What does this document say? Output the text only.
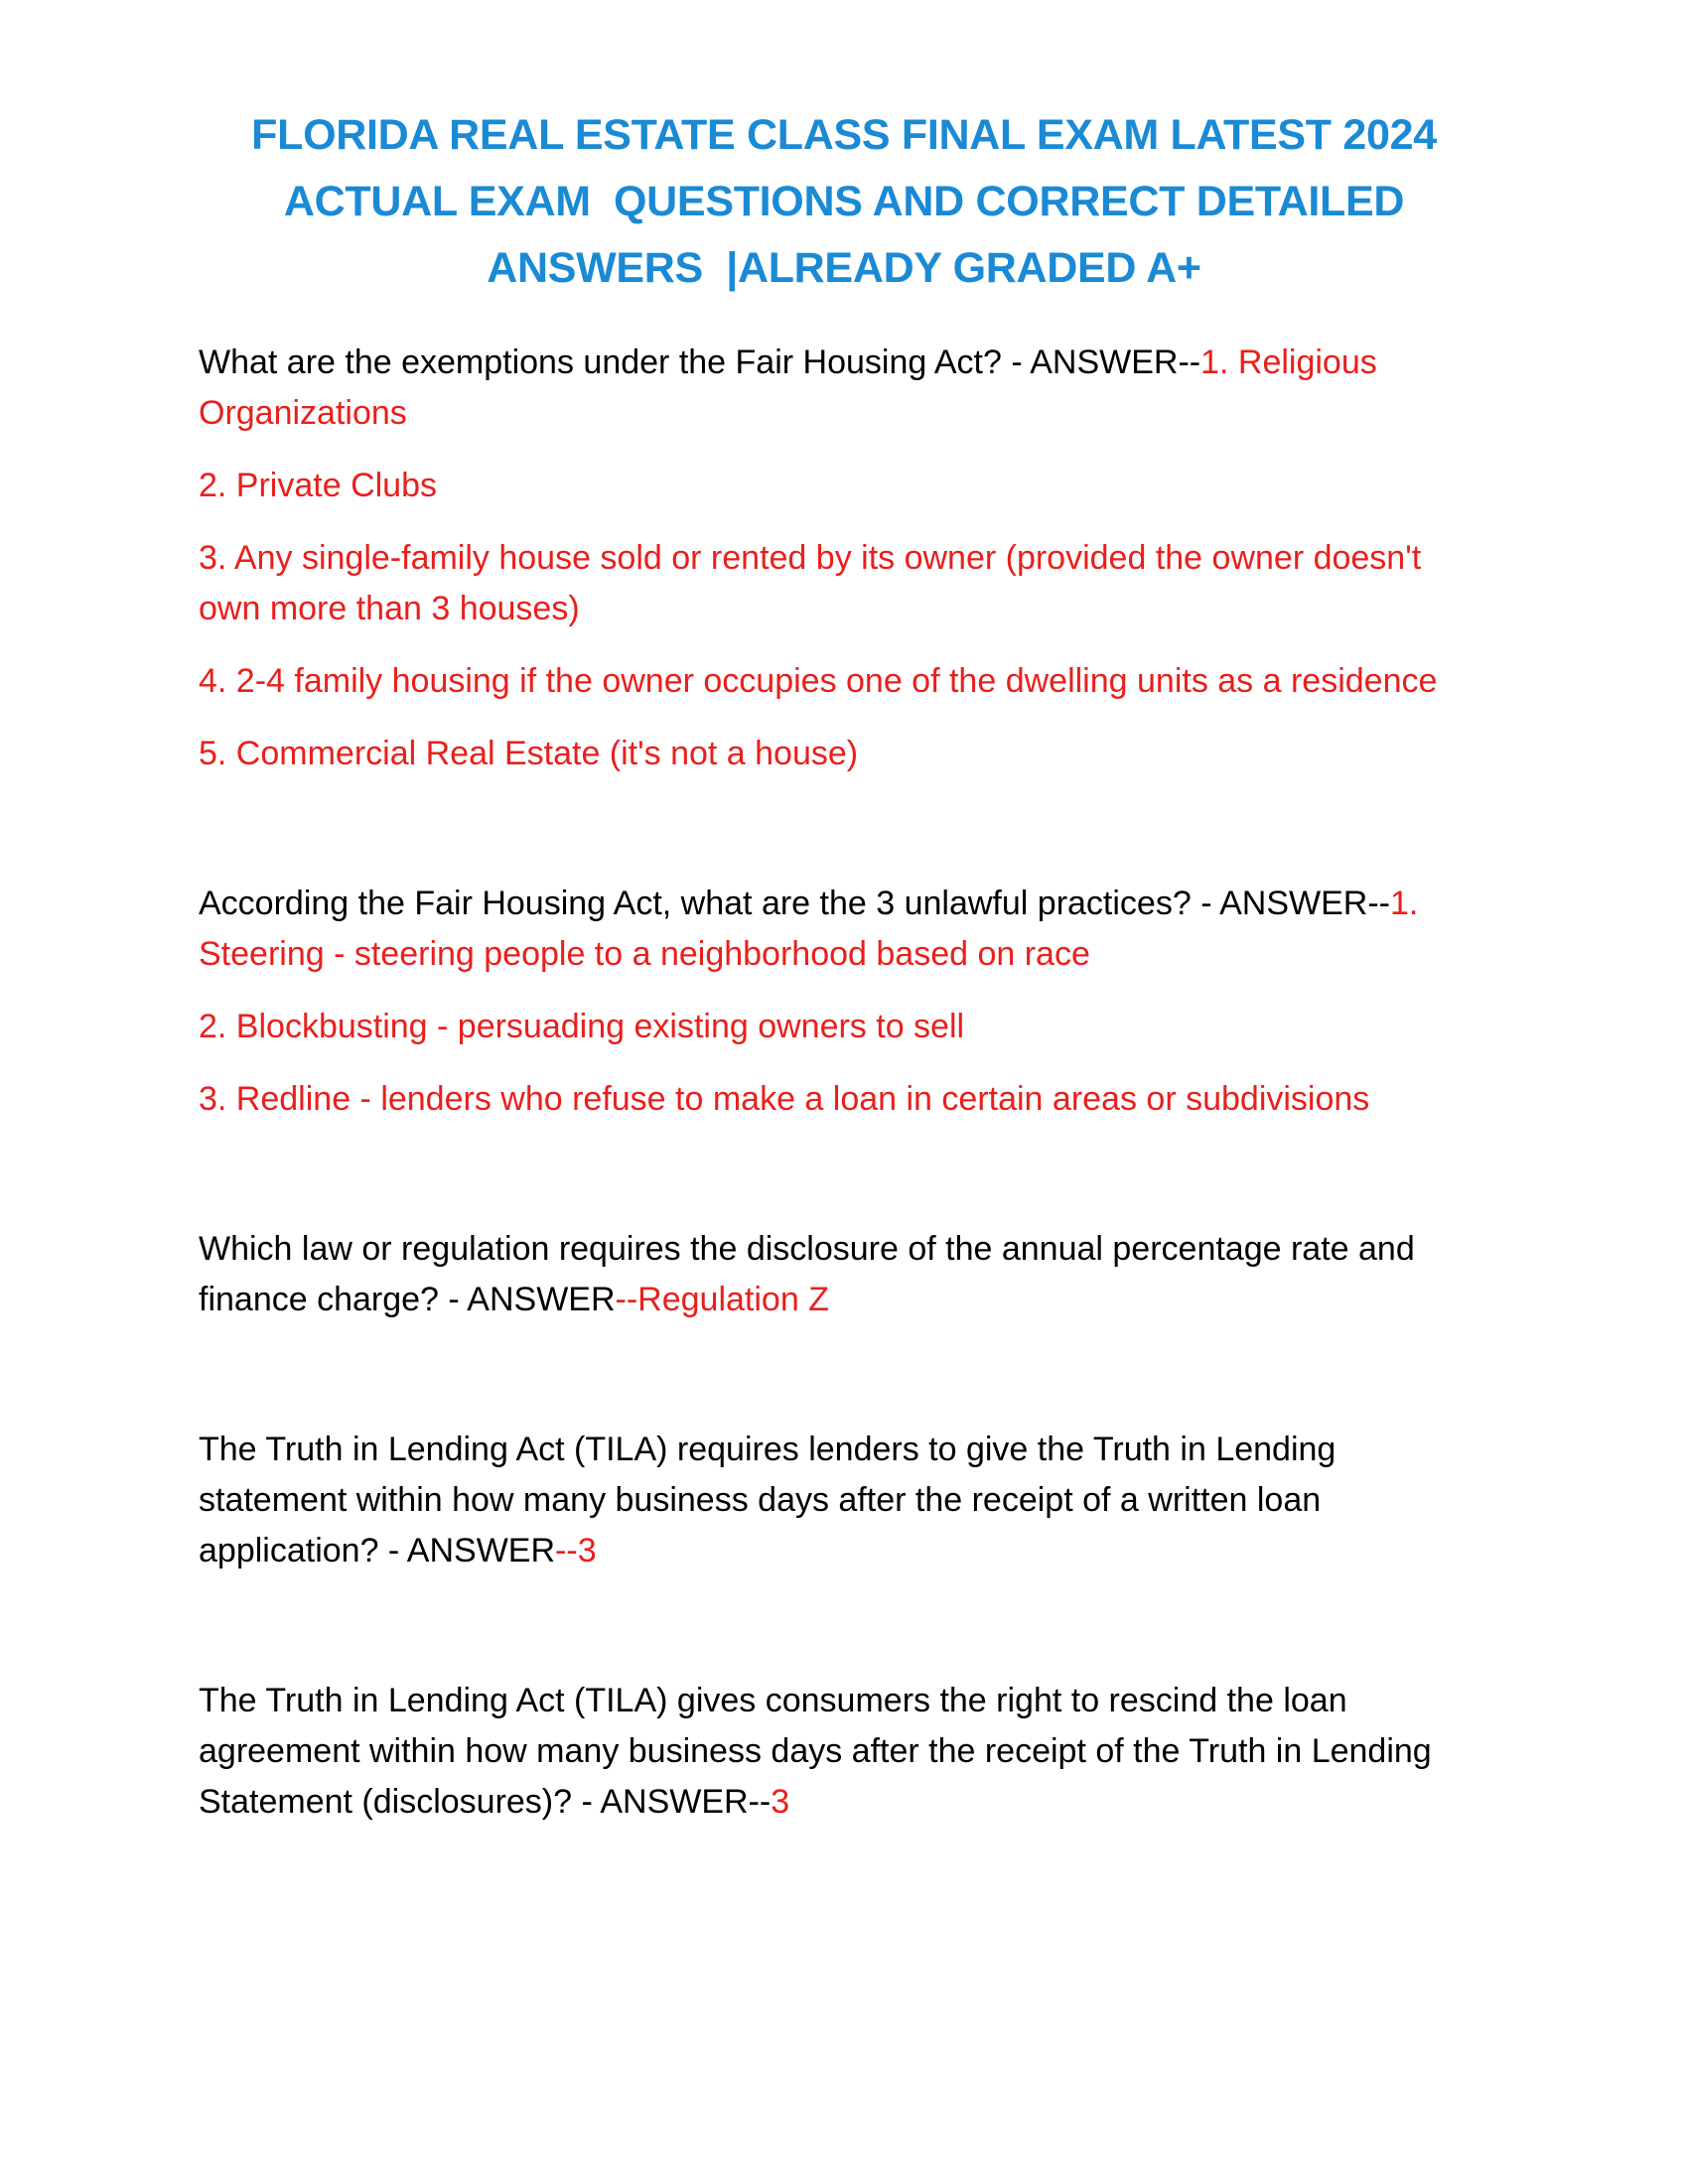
FLORIDA REAL ESTATE CLASS FINAL EXAM LATEST 2024
ACTUAL EXAM  QUESTIONS AND CORRECT DETAILED
ANSWERS  |ALREADY GRADED A+

What are the exemptions under the Fair Housing Act? - ANSWER--1. Religious Organizations

2. Private Clubs

3. Any single-family house sold or rented by its owner (provided the owner doesn't own more than 3 houses)

4. 2-4 family housing if the owner occupies one of the dwelling units as a residence

5. Commercial Real Estate (it's not a house)

According the Fair Housing Act, what are the 3 unlawful practices? - ANSWER--1. Steering - steering people to a neighborhood based on race

2. Blockbusting - persuading existing owners to sell

3. Redline - lenders who refuse to make a loan in certain areas or subdivisions

Which law or regulation requires the disclosure of the annual percentage rate and finance charge? - ANSWER--Regulation Z

The Truth in Lending Act (TILA) requires lenders to give the Truth in Lending statement within how many business days after the receipt of a written loan application? - ANSWER--3

The Truth in Lending Act (TILA) gives consumers the right to rescind the loan agreement within how many business days after the receipt of the Truth in Lending Statement (disclosures)? - ANSWER--3
